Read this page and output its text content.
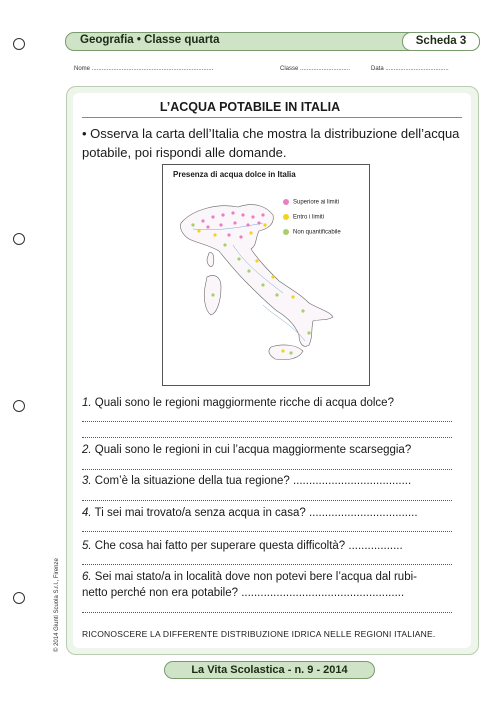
Geografia • Classe quarta	Scheda 3
Nome .........................................................................	Classe ..............................	Data ......................................
L’ACQUA POTABILE IN ITALIA
• Osserva la carta dell’Italia che mostra la distribuzione dell’acqua potabile, poi rispondi alle domande.
Presenza di acqua dolce in Italia
Superiore ai limiti
Entro i limiti
Non quantificabile
1. Quali sono le regioni maggiormente ricche di acqua dolce?
2. Quali sono le regioni in cui l’acqua maggiormente scarseggia?
3. Com’è la situazione della tua regione? .....................................
4. Ti sei mai trovato/a senza acqua in casa? ..................................
5. Che cosa hai fatto per superare questa difficoltà? .................
6. Sei mai stato/a in località dove non potevi bere l’acqua dal rubi-
netto perché non era potabile? ...................................................
RICONOSCERE LA DIFFERENTE DISTRIBUZIONE IDRICA NELLE REGIONI ITALIANE.
La Vita Scolastica - n. 9 - 2014
© 2014 Giunti Scuola S.r.l., Firenze
